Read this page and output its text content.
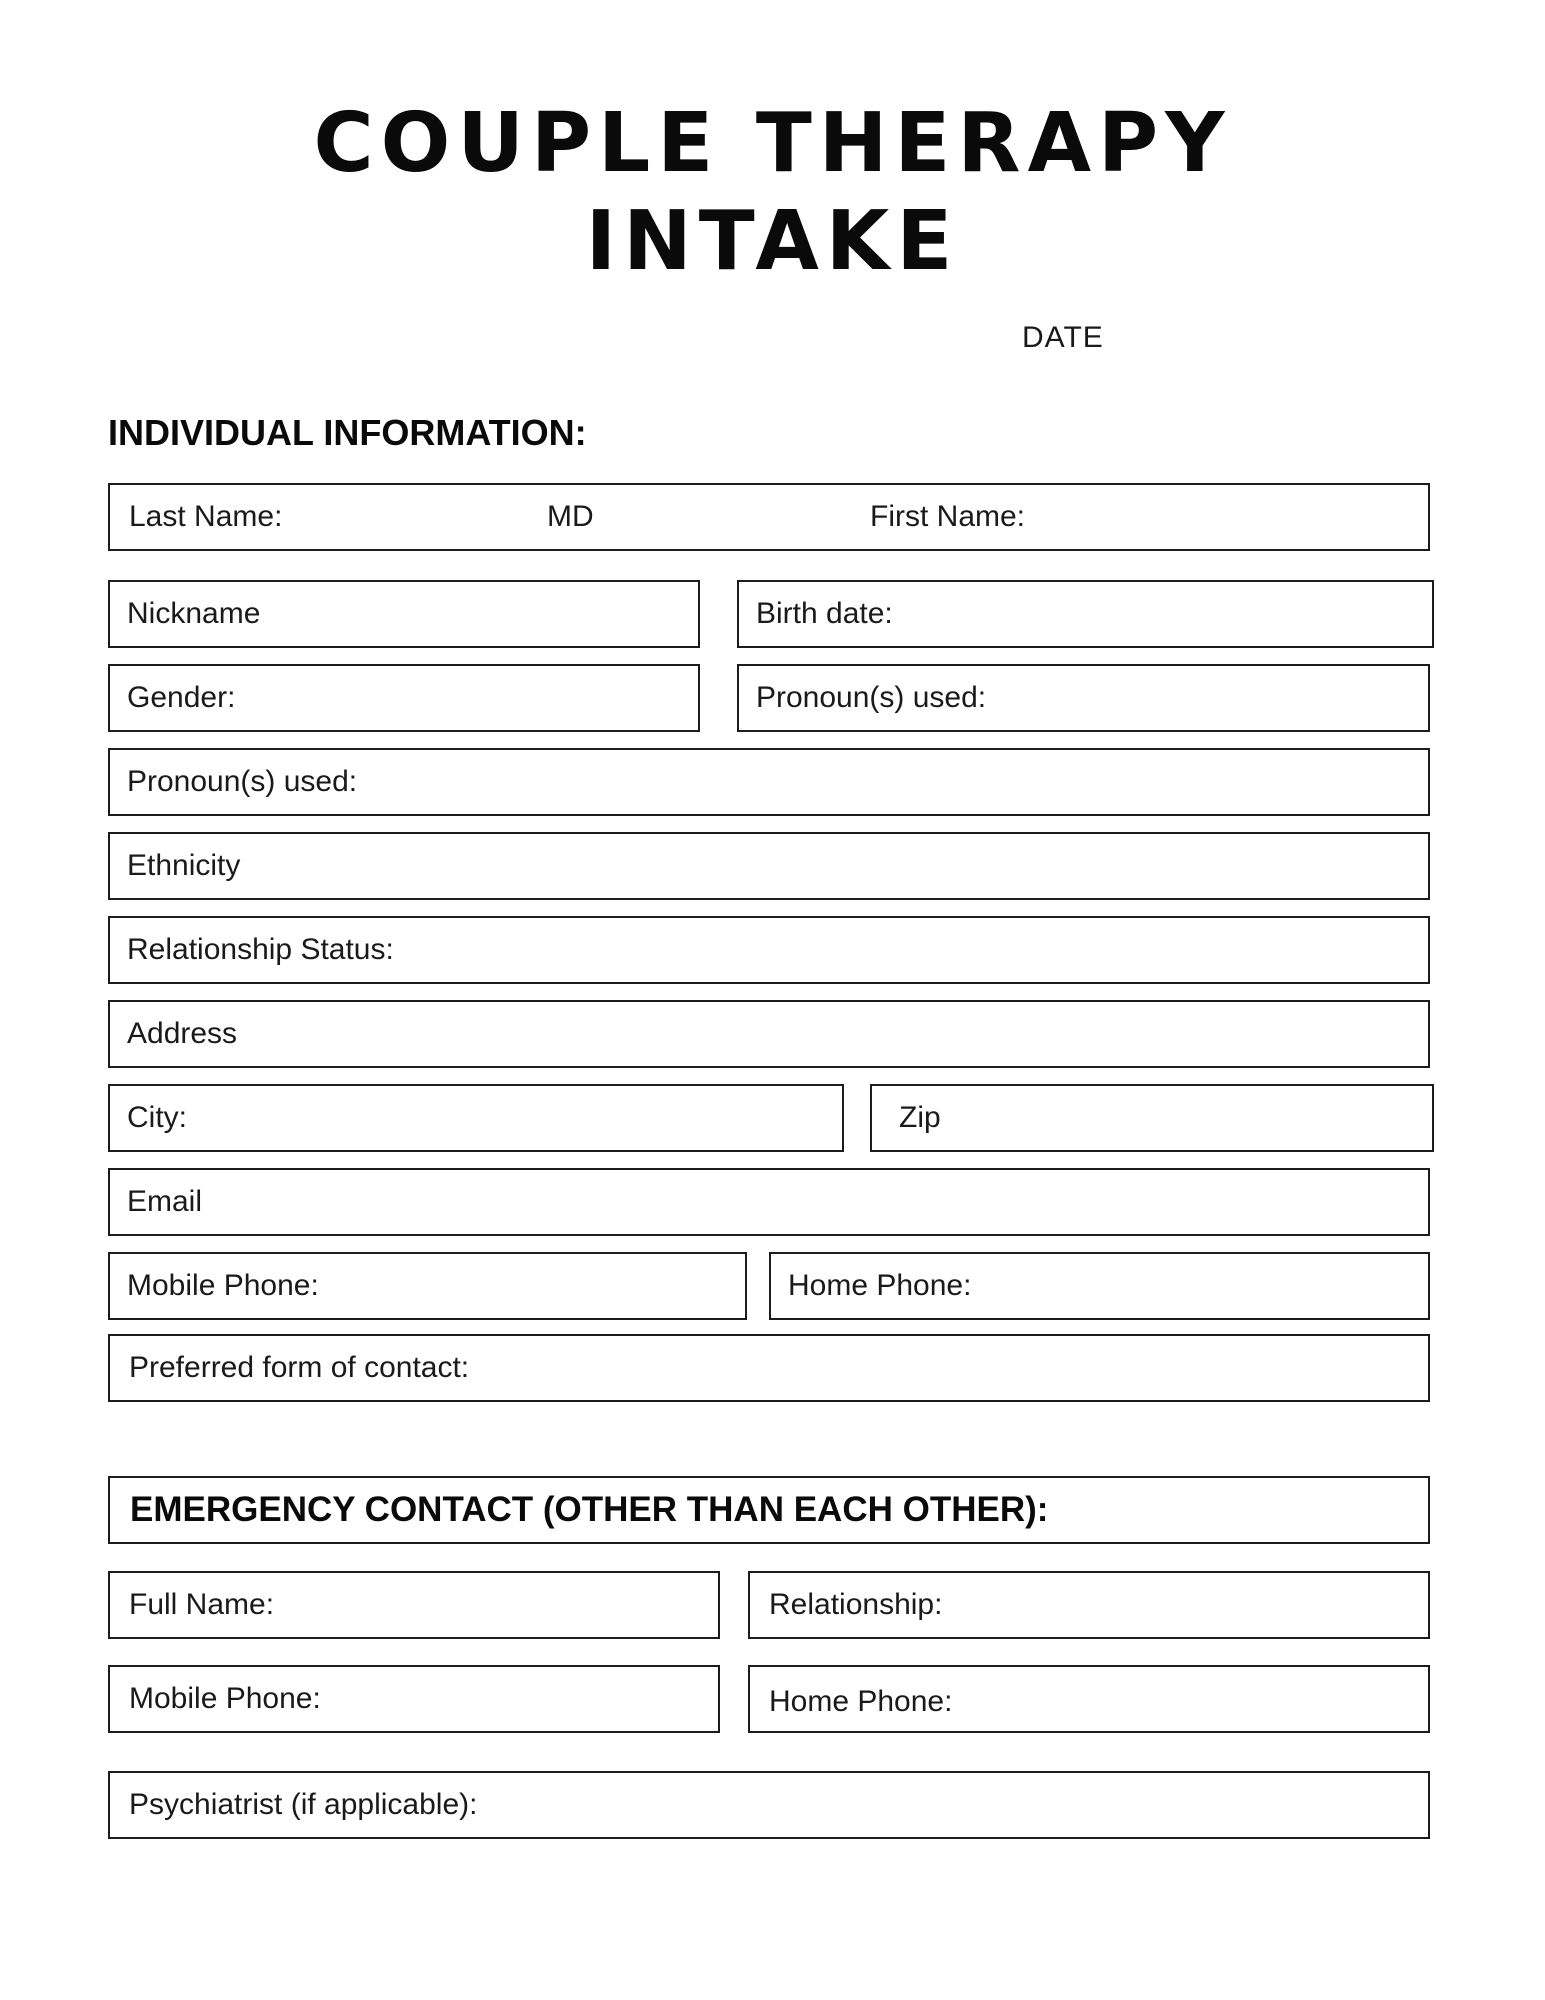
COUPLE THERAPY
INTAKE
DATE
INDIVIDUAL INFORMATION:
Last Name:	MD	First Name:
Nickname	Birth date:
Gender:	Pronoun(s) used:
Pronoun(s) used:
Ethnicity
Relationship Status:
Address
City:	Zip
Email
Mobile Phone:	Home Phone:
Preferred form of contact:
EMERGENCY CONTACT (OTHER THAN EACH OTHER):
Full Name:	Relationship:
Mobile Phone:	Home Phone:
Psychiatrist (if applicable):
